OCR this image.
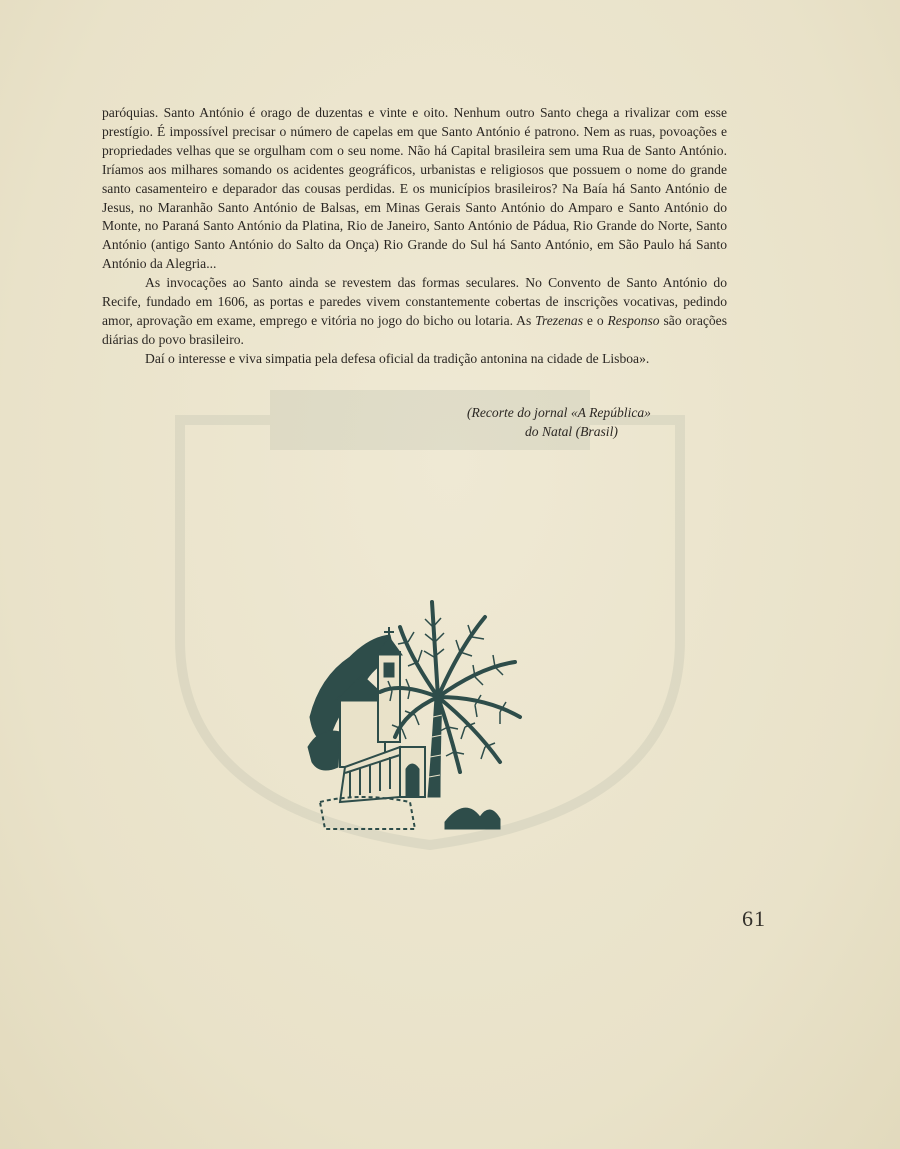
paróquias. Santo António é orago de duzentas e vinte e oito. Nenhum outro Santo chega a rivalizar com esse prestígio. É impossível precisar o número de capelas em que Santo António é patrono. Nem as ruas, povoações e propriedades velhas que se orgulham com o seu nome. Não há Capital brasileira sem uma Rua de Santo António. Iríamos aos milhares somando os acidentes geográficos, urbanistas e religiosos que possuem o nome do grande santo casamenteiro e deparador das cousas perdidas. E os municípios brasileiros? Na Baía há Santo António de Jesus, no Maranhão Santo António de Balsas, em Minas Gerais Santo António do Amparo e Santo António do Monte, no Paraná Santo António da Platina, Rio de Janeiro, Santo António de Pádua, Rio Grande do Norte, Santo António (antigo Santo António do Salto da Onça) Rio Grande do Sul há Santo António, em São Paulo há Santo António da Alegria...

As invocações ao Santo ainda se revestem das formas seculares. No Convento de Santo António do Recife, fundado em 1606, as portas e paredes vivem constantemente cobertas de inscrições vocativas, pedindo amor, aprovação em exame, emprego e vitória no jogo do bicho ou lotaria. As Trezenas e o Responso são orações diárias do povo brasileiro.

Daí o interesse e viva simpatia pela defesa oficial da tradição antonina na cidade de Lisboa».

(Recorte do jornal «A República»
do Natal (Brasil)
61
